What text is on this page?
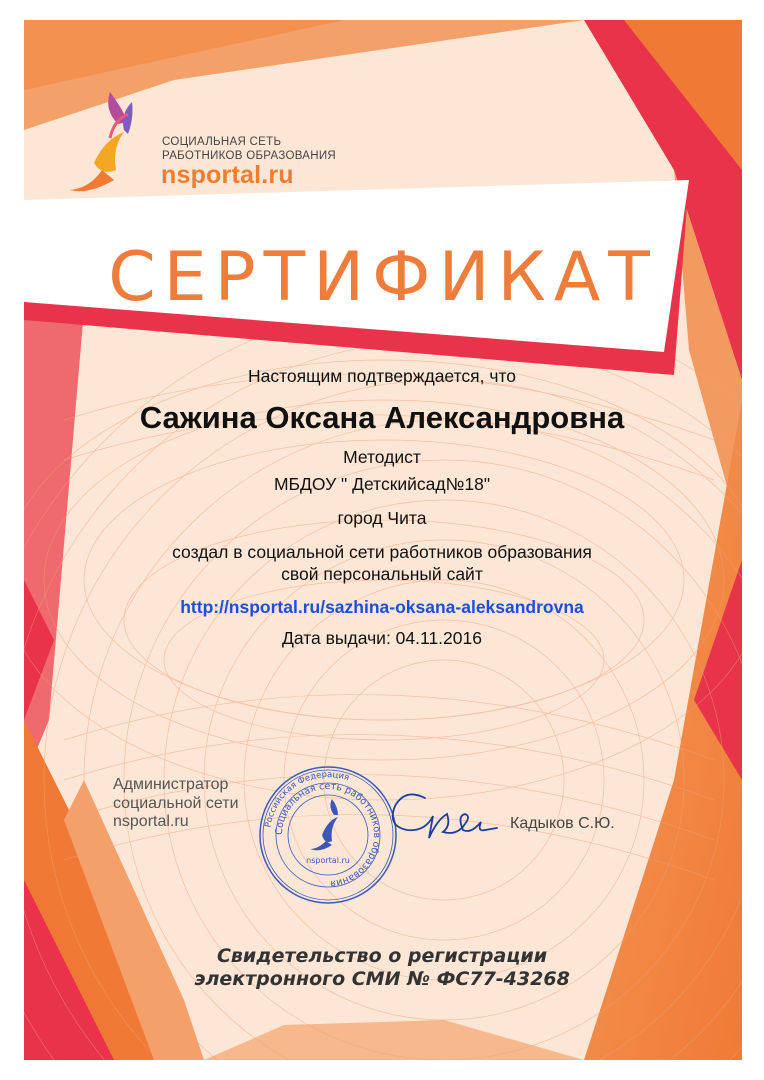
СОЦИАЛЬНАЯ СЕТЬ
РАБОТНИКОВ ОБРАЗОВАНИЯ
nsportal.ru
СЕРТИФИКАТ
Настоящим подтверждается, что
Сажина Оксана Александровна
Методист
МБДОУ " Детскийсад№18"
город Чита
создал в социальной сети работников образования
свой персональный сайт
http://nsportal.ru/sazhina-oksana-aleksandrovna
Дата выдачи: 04.11.2016
Администратор
социальной сети
nsportal.ru	Российская Федерация
Социальная сеть работников образования
nsportal.ru
Кадыков С.Ю.
Свидетельство о регистрации
электронного СМИ № ФС77-43268
